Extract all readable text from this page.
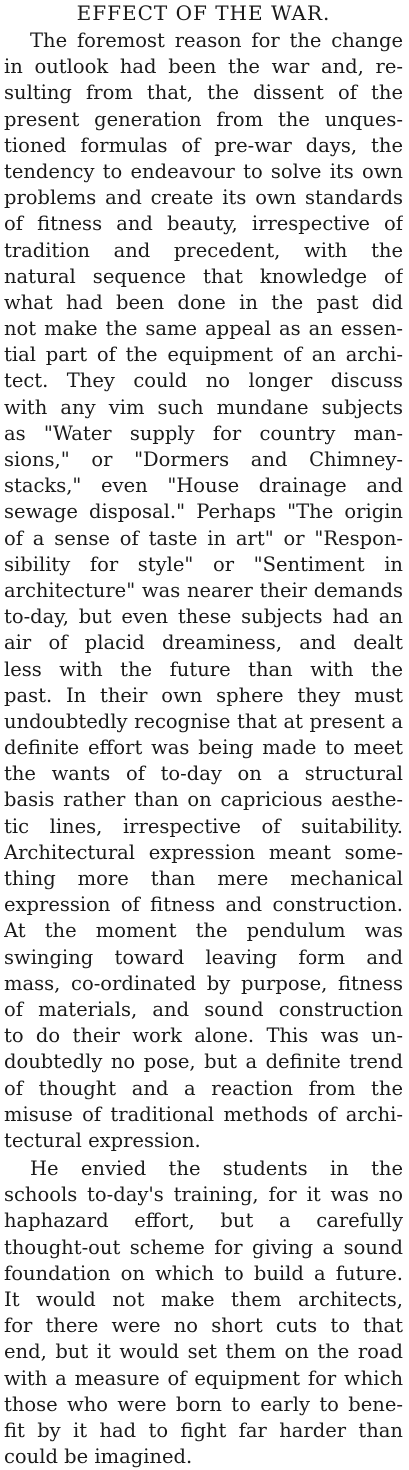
EFFECT OF THE WAR.
The foremost reason for the change
in outlook had been the war and, re-
sulting from that, the dissent of the
present generation from the unques-
tioned formulas of pre-war days, the
tendency to endeavour to solve its own
problems and create its own standards
of fitness and beauty, irrespective of
tradition and precedent, with the
natural sequence that knowledge of
what had been done in the past did
not make the same appeal as an essen-
tial part of the equipment of an archi-
tect. They could no longer discuss
with any vim such mundane subjects
as "Water supply for country man-
sions," or "Dormers and Chimney-
stacks," even "House drainage and
sewage disposal." Perhaps "The origin
of a sense of taste in art" or "Respon-
sibility for style" or "Sentiment in
architecture" was nearer their demands
to-day, but even these subjects had an
air of placid dreaminess, and dealt
less with the future than with the
past. In their own sphere they must
undoubtedly recognise that at present a
definite effort was being made to meet
the wants of to-day on a structural
basis rather than on capricious aesthe-
tic lines, irrespective of suitability.
Architectural expression meant some-
thing more than mere mechanical
expression of fitness and construction.
At the moment the pendulum was
swinging toward leaving form and
mass, co-ordinated by purpose, fitness
of materials, and sound construction
to do their work alone. This was un-
doubtedly no pose, but a definite trend
of thought and a reaction from the
misuse of traditional methods of archi-
tectural expression.
He envied the students in the
schools to-day's training, for it was no
haphazard effort, but a carefully
thought-out scheme for giving a sound
foundation on which to build a future.
It would not make them architects,
for there were no short cuts to that
end, but it would set them on the road
with a measure of equipment for which
those who were born to early to bene-
fit by it had to fight far harder than
could be imagined.
